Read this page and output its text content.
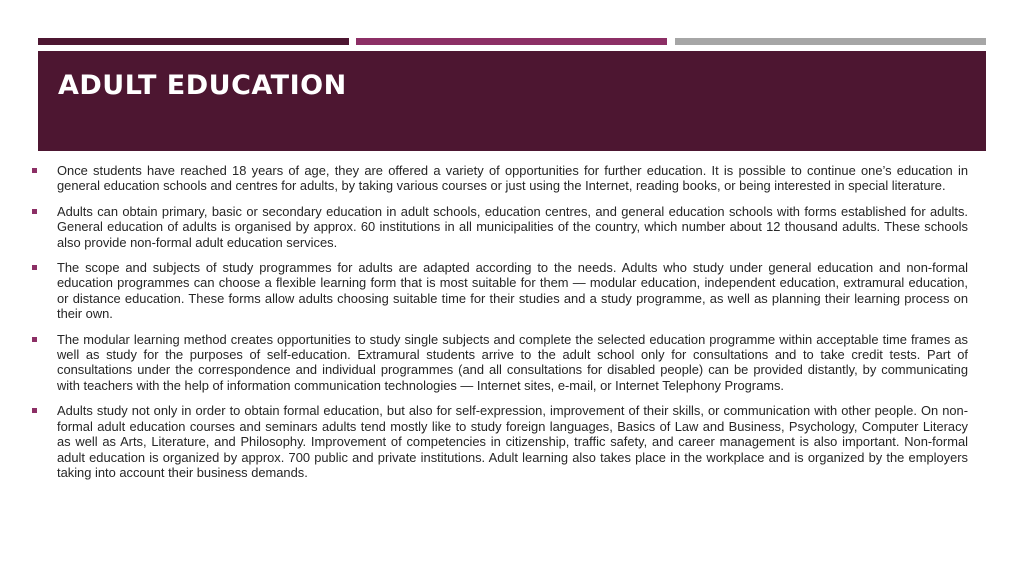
ADULT EDUCATION
Once students have reached 18 years of age, they are offered a variety of opportunities for further education. It is possible to continue one’s education in general education schools and centres for adults, by taking various courses or just using the Internet, reading books, or being interested in special literature.
Adults can obtain primary, basic or secondary education in adult schools, education centres, and general education schools with forms established for adults. General education of adults is organised by approx. 60 institutions in all municipalities of the country, which number about 12 thousand adults. These schools also provide non-formal adult education services.
The scope and subjects of study programmes for adults are adapted according to the needs. Adults who study under general education and non-formal education programmes can choose a flexible learning form that is most suitable for them — modular education, independent education, extramural education, or distance education. These forms allow adults choosing suitable time for their studies and a study programme, as well as planning their learning process on their own.
The modular learning method creates opportunities to study single subjects and complete the selected education programme within acceptable time frames as well as study for the purposes of self-education. Extramural students arrive to the adult school only for consultations and to take credit tests. Part of consultations under the correspondence and individual programmes (and all consultations for disabled people) can be provided distantly, by communicating with teachers with the help of information communication technologies — Internet sites, e-mail, or Internet Telephony Programs.
Adults study not only in order to obtain formal education, but also for self-expression, improvement of their skills, or communication with other people. On non-formal adult education courses and seminars adults tend mostly like to study foreign languages, Basics of Law and Business, Psychology, Computer Literacy as well as Arts, Literature, and Philosophy. Improvement of competencies in citizenship, traffic safety, and career management is also important. Non-formal adult education is organized by approx. 700 public and private institutions. Adult learning also takes place in the workplace and is organized by the employers taking into account their business demands.
